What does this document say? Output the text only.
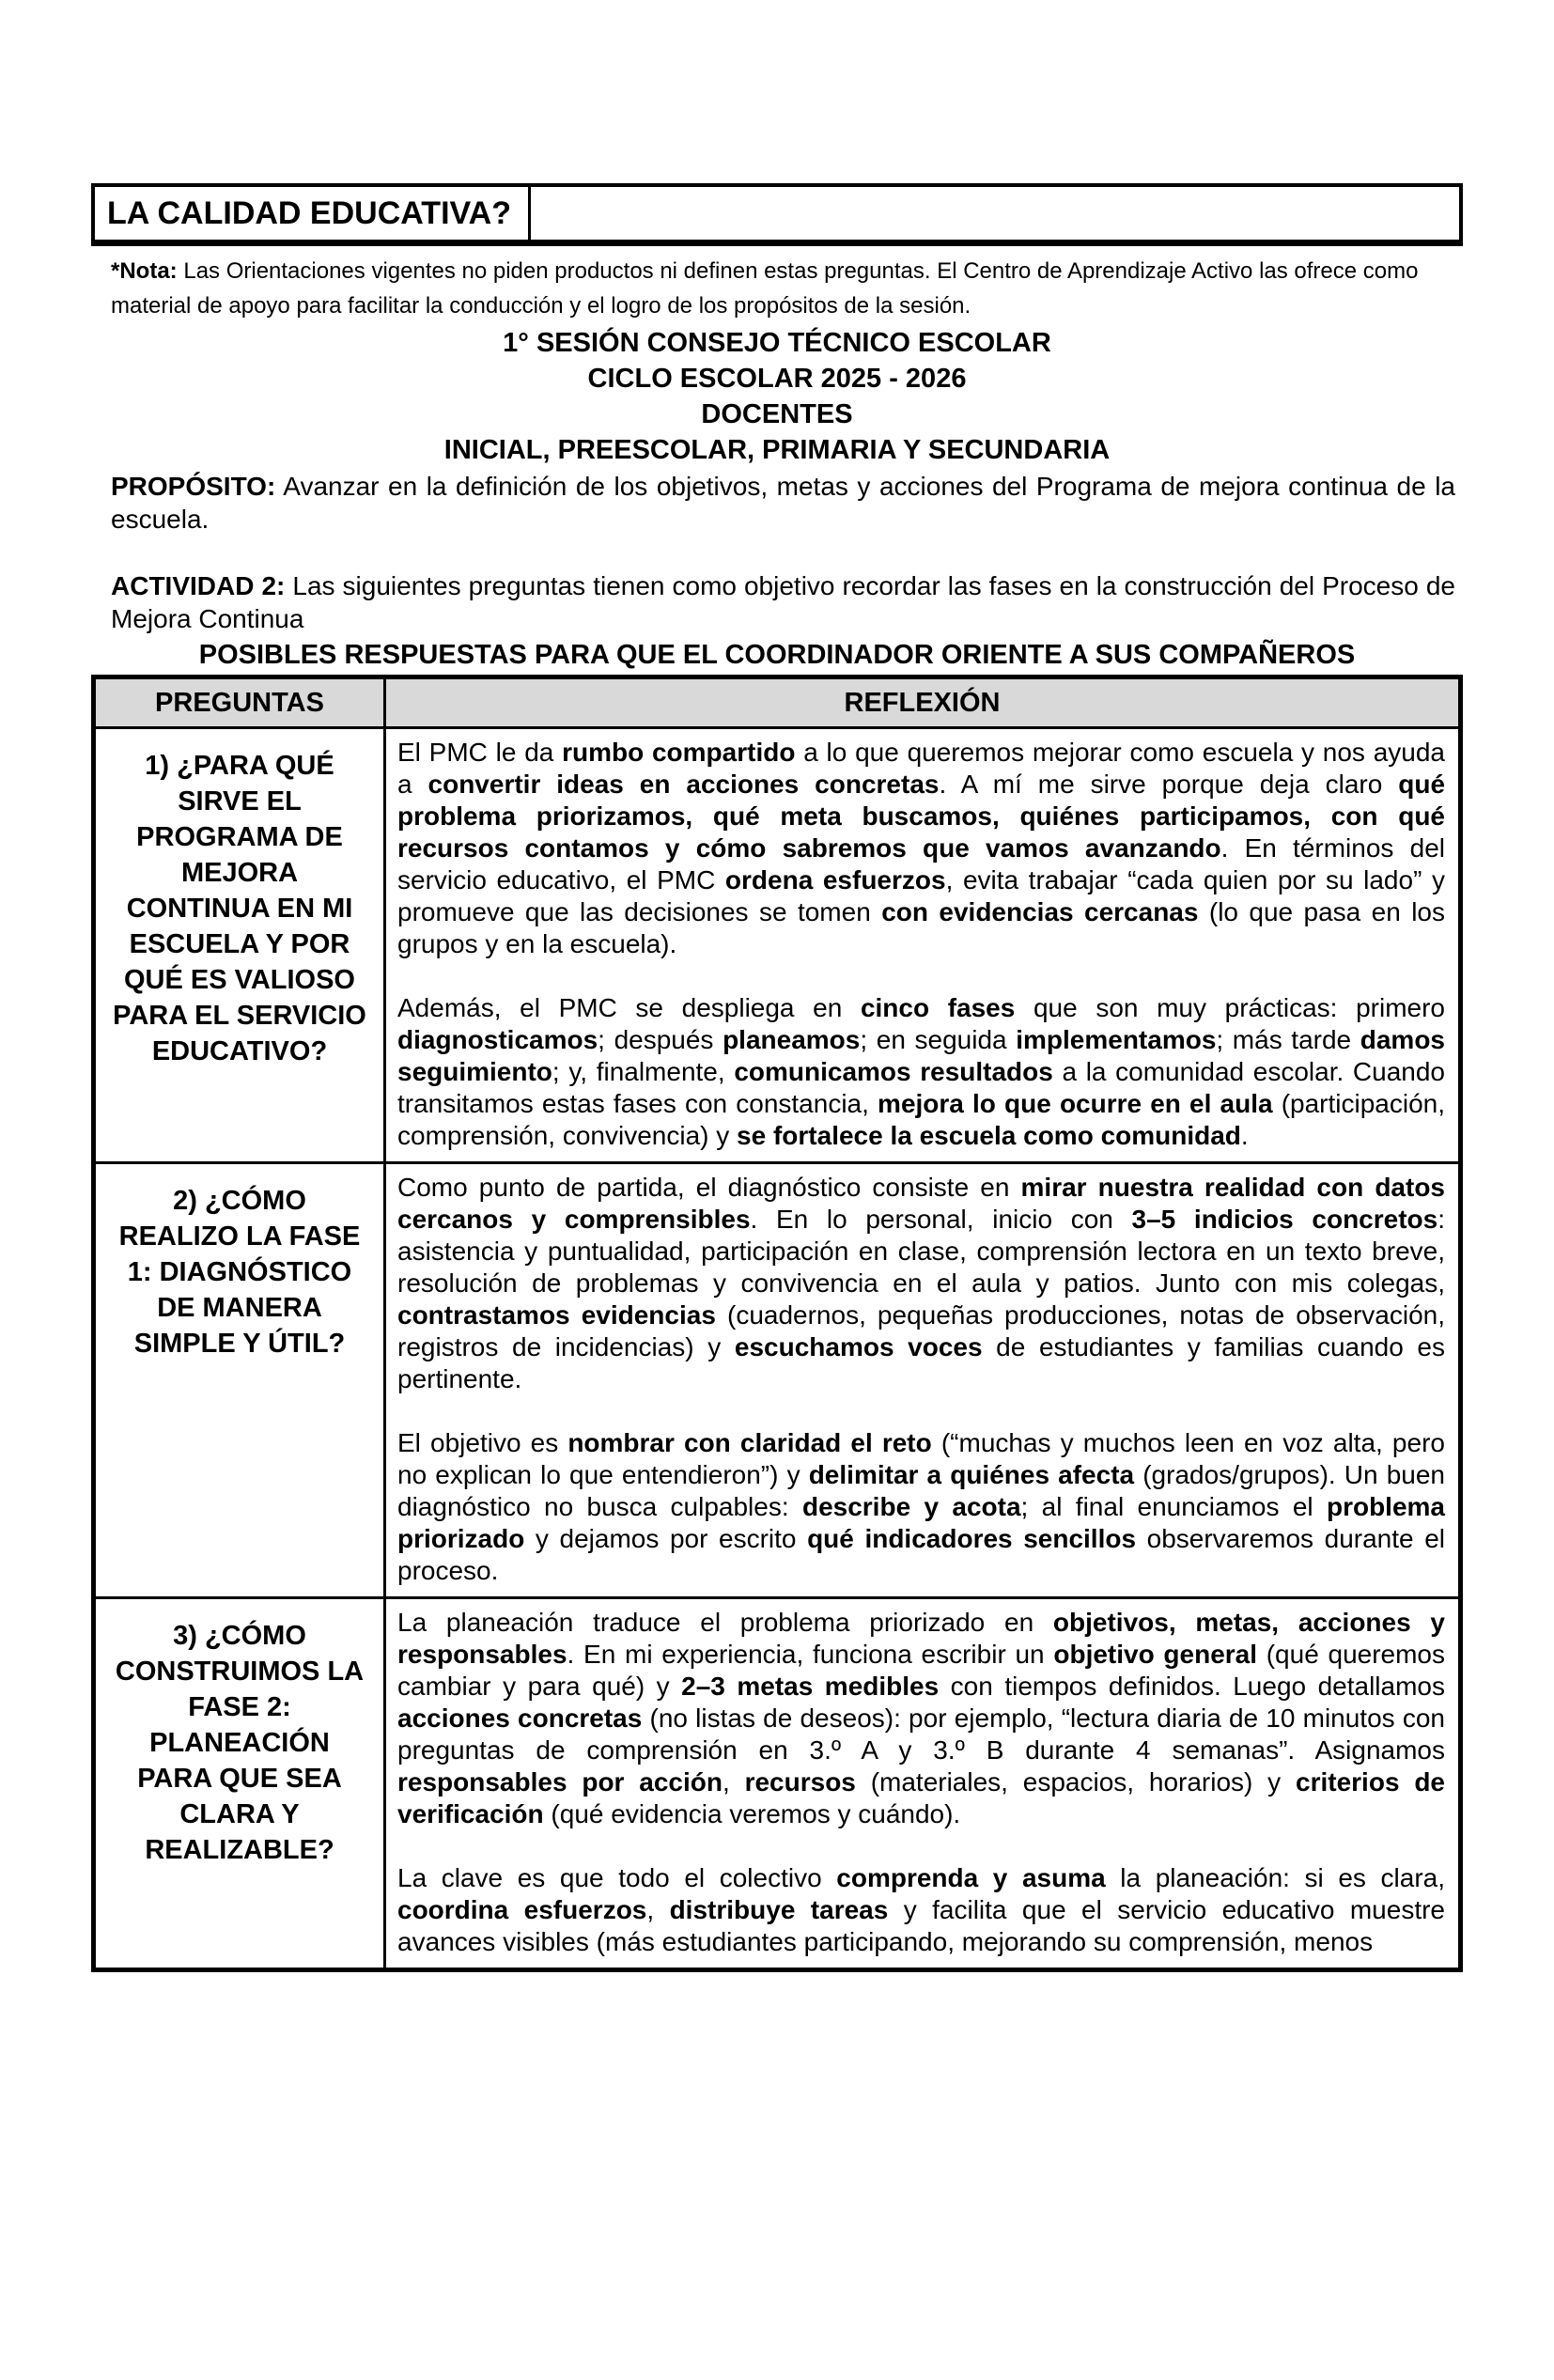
LA CALIDAD EDUCATIVA?

*Nota: Las Orientaciones vigentes no piden productos ni definen estas preguntas. El Centro de Aprendizaje Activo las ofrece como material de apoyo para facilitar la conducción y el logro de los propósitos de la sesión.

1° SESIÓN CONSEJO TÉCNICO ESCOLAR
CICLO ESCOLAR 2025 - 2026
DOCENTES
INICIAL, PREESCOLAR, PRIMARIA Y SECUNDARIA

PROPÓSITO: Avanzar en la definición de los objetivos, metas y acciones del Programa de mejora continua de la escuela.

ACTIVIDAD 2: Las siguientes preguntas tienen como objetivo recordar las fases en la construcción del Proceso de Mejora Continua

POSIBLES RESPUESTAS PARA QUE EL COORDINADOR ORIENTE A SUS COMPAÑEROS
PREGUNTAS	REFLEXIÓN
1) ¿PARA QUÉ SIRVE EL PROGRAMA DE MEJORA CONTINUA EN MI ESCUELA Y POR QUÉ ES VALIOSO PARA EL SERVICIO EDUCATIVO?	El PMC le da rumbo compartido a lo que queremos mejorar como escuela y nos ayuda a convertir ideas en acciones concretas. A mí me sirve porque deja claro qué problema priorizamos, qué meta buscamos, quiénes participamos, con qué recursos contamos y cómo sabremos que vamos avanzando. En términos del servicio educativo, el PMC ordena esfuerzos, evita trabajar “cada quien por su lado” y promueve que las decisiones se tomen con evidencias cercanas (lo que pasa en los grupos y en la escuela).

Además, el PMC se despliega en cinco fases que son muy prácticas: primero diagnosticamos; después planeamos; en seguida implementamos; más tarde damos seguimiento; y, finalmente, comunicamos resultados a la comunidad escolar. Cuando transitamos estas fases con constancia, mejora lo que ocurre en el aula (participación, comprensión, convivencia) y se fortalece la escuela como comunidad.

2) ¿CÓMO REALIZO LA FASE 1: DIAGNÓSTICO DE MANERA SIMPLE Y ÚTIL?	Como punto de partida, el diagnóstico consiste en mirar nuestra realidad con datos cercanos y comprensibles. En lo personal, inicio con 3–5 indicios concretos: asistencia y puntualidad, participación en clase, comprensión lectora en un texto breve, resolución de problemas y convivencia en el aula y patios. Junto con mis colegas, contrastamos evidencias (cuadernos, pequeñas producciones, notas de observación, registros de incidencias) y escuchamos voces de estudiantes y familias cuando es pertinente.

El objetivo es nombrar con claridad el reto (“muchas y muchos leen en voz alta, pero no explican lo que entendieron”) y delimitar a quiénes afecta (grados/grupos). Un buen diagnóstico no busca culpables: describe y acota; al final enunciamos el problema priorizado y dejamos por escrito qué indicadores sencillos observaremos durante el proceso.

3) ¿CÓMO CONSTRUIMOS LA FASE 2: PLANEACIÓN PARA QUE SEA CLARA Y REALIZABLE?	La planeación traduce el problema priorizado en objetivos, metas, acciones y responsables. En mi experiencia, funciona escribir un objetivo general (qué queremos cambiar y para qué) y 2–3 metas medibles con tiempos definidos. Luego detallamos acciones concretas (no listas de deseos): por ejemplo, “lectura diaria de 10 minutos con preguntas de comprensión en 3.º A y 3.º B durante 4 semanas”. Asignamos responsables por acción, recursos (materiales, espacios, horarios) y criterios de verificación (qué evidencia veremos y cuándo).

La clave es que todo el colectivo comprenda y asuma la planeación: si es clara, coordina esfuerzos, distribuye tareas y facilita que el servicio educativo muestre avances visibles (más estudiantes participando, mejorando su comprensión, menos
